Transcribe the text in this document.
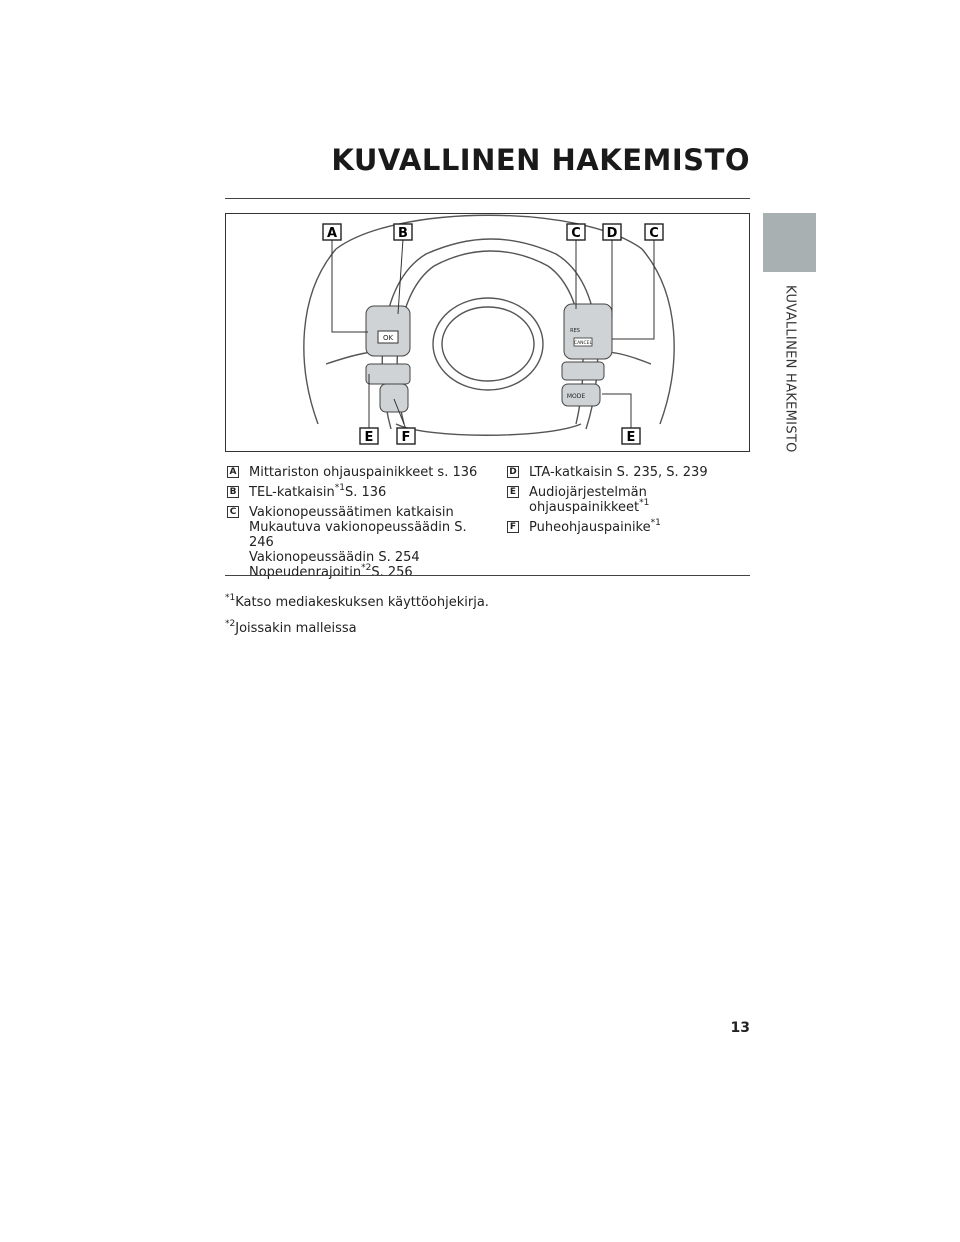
KUVALLINEN HAKEMISTO
KUVALLINEN HAKEMISTO
OK
RES
CANCEL
MODE
A	B	C D C
E F	E
A Mittariston ohjauspainikkeet s. 136
B TEL-katkaisin$^{*1}$S. 136
C Vakionopeussäätimen katkaisin
Mukautuva vakionopeussäädin S. 246
Vakionopeussäädin S. 254
Nopeudenrajoitin$^{*2}$S. 256
D LTA-katkaisin S. 235, S. 239
E Audiojärjestelmän ohjauspainikkeet$^{*1}$
F Puheohjauspainike$^{*1}$
$^{*1}$Katso mediakeskuksen käyttöohjekirja.
$^{*2}$Joissakin malleissa
13
